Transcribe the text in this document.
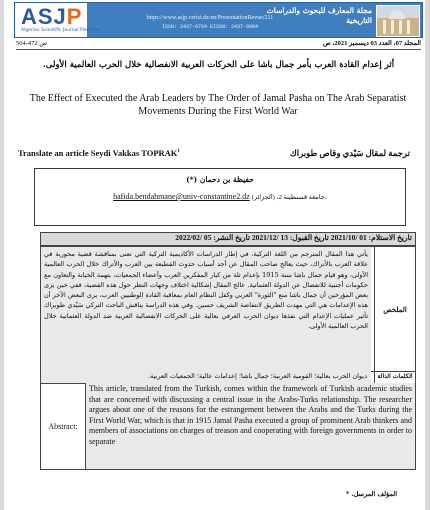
ASJP
Algerian Scientific Journal Platform
https://www.asjp.cerist.dz/en/PresentationRevue/211
ISSN: 2437-0784 EISSN: 2437-0804
مجلة المعارف للبحوث والدراسات التاريخية
ص 472-504	المجلد 07، العدد 03 ديسمبر 2021، ص
أثر إعدام القادة العرب بأمر جمال باشا على الحركات العربية الانفصالية خلال الحرب العالمية الأولى.
The Effect of Executed the Arab Leaders by The Order of Jamal Pasha on The Arab Separatist Movements During the First World War
Translate an article Seydi Vakkas TOPRAK$^1$	ترجمة لمقال سَيْدي وقاص طوبراك
حفيظة بن دحمان (*)
hafida.bendahmane@univ-constantine2.dz جامعة قسنطينة 2، (الجزائر)،
تاريخ الاستلام: 01 /2021/10 تاريخ القبول: 13 /2021/12 تاريخ النشر: 05 /2022/02
يأتي هذا المقال المترجم من اللغة التركية، في إطار الدراسات الأكاديمية التركية التي تعنى بمناقشة قضية محورية في علاقة العرب بالأتراك، حيث يعالج صاحب المقال عن أحد أسباب حدوث القطيعة بين العرب والأتراك خلال الحرب العالمية الأولى، وهو قيام جمال باشا سنة 1915 بإعدام ثلة من كبار المفكرين العرب وأعضاء الجمعيات، بتهمة الخيانة والتعاون مع حكومات أجنبية للانفصال عن الدولة العثمانية. عالج المقال إشكالية اختلاف وجهات النظر حول هذه القضية، ففي حين يرى بعض المؤرخين أن جمال باشا منع "الثورة" العربي وكفل النظام العام بمعاقبة القادة الوطنيين العرب، يرى البعض الآخر أن هذه الإعدامات هي التي مهدت الطريق لانتفاضة الشريف حسين. وفي هذه الدراسة يناقش الباحث التركي سَيْدي طوبراك تأثير عمليات الإعدام التي نفذها ديوان الحرب العرفي بعالية على الحركات الانفصالية العربية ضد الدولة العثمانية خلال الحرب العالمية الأولى.
الملخص
ديوان الحرب بعالية؛ القومية العربية؛ جمال باشا؛ إعدامات عالية؛ الجمعيات العربية.	الكلمات الدالة
Abstract:
This article, translated from the Turkish, comes within the framework of Turkish academic studies that are concerned with discussing a central issue in the Arabs-Turks relationship. The researcher argues about one of the reasons for the estrangement between the Arabs and the Turks during the First World War, which is that in 1915 Jamal Pasha executed a group of prominent Arab thinkers and members of associations on charges of treason and cooperating with foreign governments in order to separate
المؤلف المرسل. *
